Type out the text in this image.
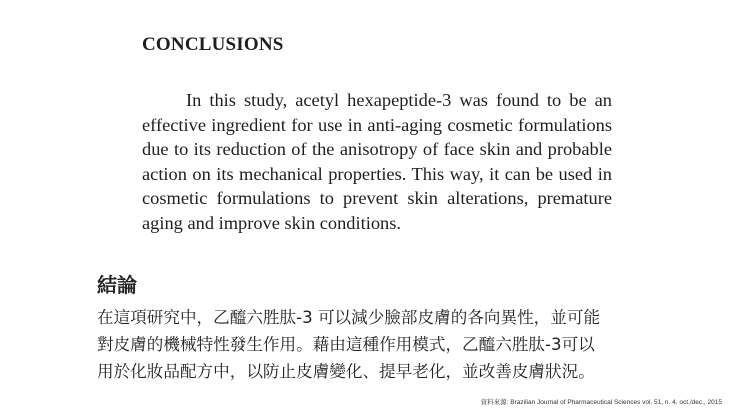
CONCLUSIONS

In this study, acetyl hexapeptide-3 was found to be an effective ingredient for use in anti-aging cosmetic formulations due to its reduction of the anisotropy of face skin and probable action on its mechanical properties. This way, it can be used in cosmetic formulations to prevent skin alterations, premature aging and improve skin conditions.

結論

在這項研究中，乙醯六胜肽-3 可以減少臉部皮膚的各向異性，並可能
對皮膚的機械特性發生作用。藉由這種作用模式，乙醯六胜肽-3可以
用於化妝品配方中，以防止皮膚變化、提早老化，並改善皮膚狀況。

資料來源: Brazilian Journal of Pharmaceutical Sciences vol. 51, n. 4, oct./dec., 2015
